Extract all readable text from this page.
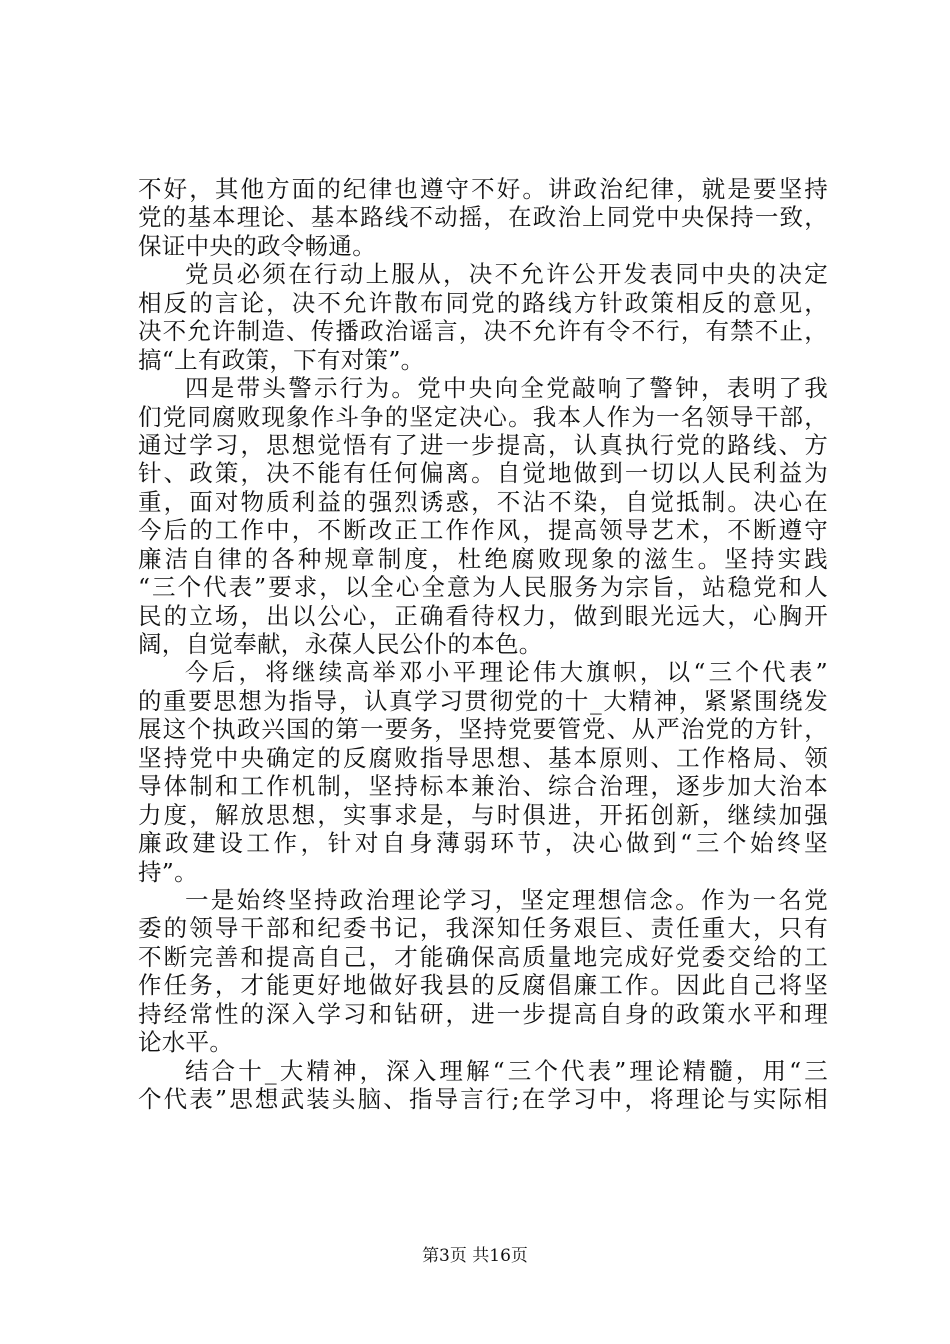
不好，其他方面的纪律也遵守不好。讲政治纪律，就是要坚持
党的基本理论、基本路线不动摇，在政治上同党中央保持一致，
保证中央的政令畅通。
党员必须在行动上服从，决不允许公开发表同中央的决定
相反的言论，决不允许散布同党的路线方针政策相反的意见，
决不允许制造、传播政治谣言，决不允许有令不行，有禁不止，
搞“上有政策，下有对策”。
四是带头警示行为。党中央向全党敲响了警钟，表明了我
们党同腐败现象作斗争的坚定决心。我本人作为一名领导干部，
通过学习，思想觉悟有了进一步提高，认真执行党的路线、方
针、政策，决不能有任何偏离。自觉地做到一切以人民利益为
重，面对物质利益的强烈诱惑，不沾不染，自觉抵制。决心在
今后的工作中，不断改正工作作风，提高领导艺术，不断遵守
廉洁自律的各种规章制度，杜绝腐败现象的滋生。坚持实践
“三个代表”要求，以全心全意为人民服务为宗旨，站稳党和人
民的立场，出以公心，正确看待权力，做到眼光远大，心胸开
阔，自觉奉献，永葆人民公仆的本色。
今后，将继续高举邓小平理论伟大旗帜，以“三个代表”
的重要思想为指导，认真学习贯彻党的十_大精神，紧紧围绕发
展这个执政兴国的第一要务，坚持党要管党、从严治党的方针，
坚持党中央确定的反腐败指导思想、基本原则、工作格局、领
导体制和工作机制，坚持标本兼治、综合治理，逐步加大治本
力度，解放思想，实事求是，与时俱进，开拓创新，继续加强
廉政建设工作，针对自身薄弱环节，决心做到“三个始终坚
持”。
一是始终坚持政治理论学习，坚定理想信念。作为一名党
委的领导干部和纪委书记，我深知任务艰巨、责任重大，只有
不断完善和提高自己，才能确保高质量地完成好党委交给的工
作任务，才能更好地做好我县的反腐倡廉工作。因此自己将坚
持经常性的深入学习和钻研，进一步提高自身的政策水平和理
论水平。
结合十_大精神，深入理解“三个代表”理论精髓，用“三
个代表”思想武装头脑、指导言行;在学习中，将理论与实际相
第3页 共16页
